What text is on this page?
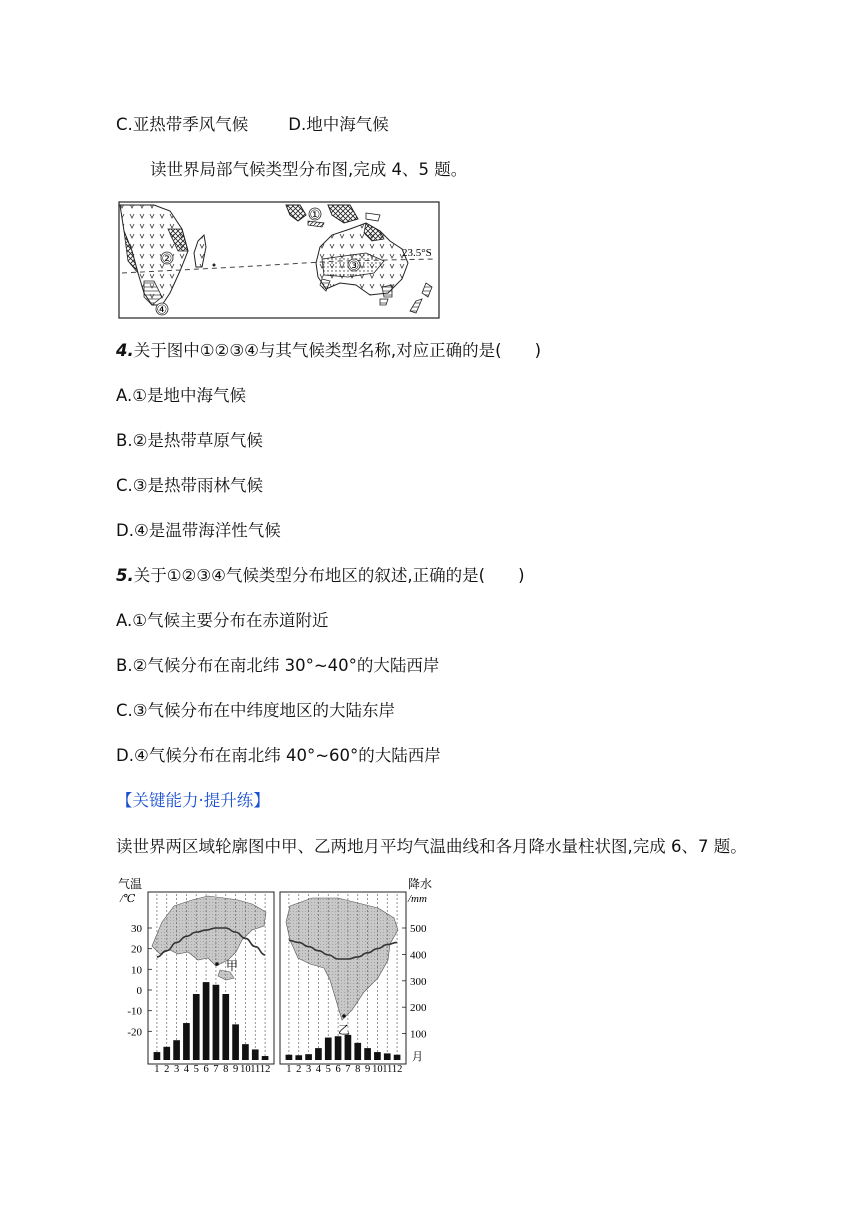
C.亚热带季风气候 D.地中海气候
读世界局部气候类型分布图,完成 4、5 题。
23.5°S
①
②	③
④
4.关于图中①②③④与其气候类型名称,对应正确的是(　　)
A.①是地中海气候
B.②是热带草原气候
C.③是热带雨林气候
D.④是温带海洋性气候
5.关于①②③④气候类型分布地区的叙述,正确的是(　　)
A.①气候主要分布在赤道附近
B.②气候分布在南北纬 30°~40°的大陆西岸
C.③气候分布在中纬度地区的大陆东岸
D.④气候分布在南北纬 40°~60°的大陆西岸
【关键能力·提升练】
读世界两区域轮廓图中甲、乙两地月平均气温曲线和各月降水量柱状图,完成 6、7 题。
气温
/℃
降水
/mm
30
20
10
0
-10
-20
500
400
300
200
100
1 2 3 4 5 6 7 8 9 10 11 12 1 2 3 4 5 6 7 8 9 10 11 12
甲
乙
月
